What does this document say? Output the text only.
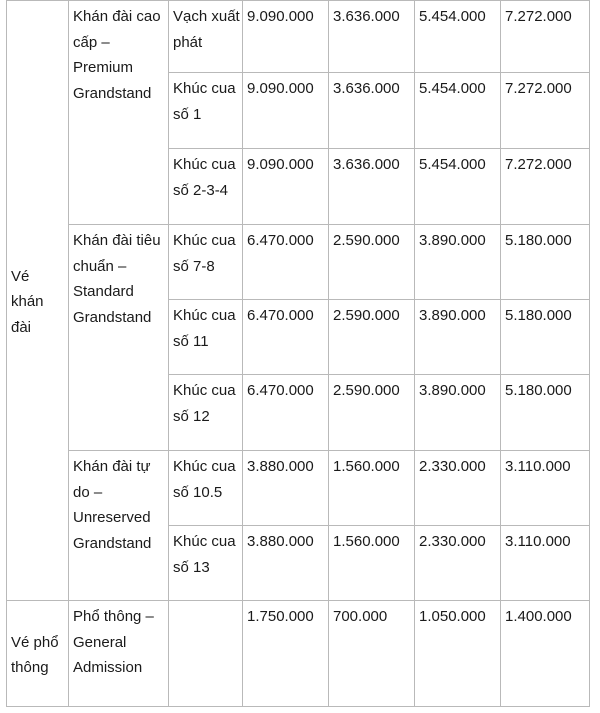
Vé khán đài	Khán đài cao cấp – Premium Grandstand	Vạch xuất phát	9.090.000	3.636.000	5.454.000	7.272.000
		Khúc cua số 1	9.090.000	3.636.000	5.454.000	7.272.000
		Khúc cua số 2-3-4	9.090.000	3.636.000	5.454.000	7.272.000
	Khán đài tiêu chuẩn – Standard Grandstand	Khúc cua số 7-8	6.470.000	2.590.000	3.890.000	5.180.000
		Khúc cua số 11	6.470.000	2.590.000	3.890.000	5.180.000
		Khúc cua số 12	6.470.000	2.590.000	3.890.000	5.180.000
	Khán đài tự do – Unreserved Grandstand	Khúc cua số 10.5	3.880.000	1.560.000	2.330.000	3.110.000
		Khúc cua số 13	3.880.000	1.560.000	2.330.000	3.110.000
Vé phổ thông	Phổ thông – General Admission		1.750.000	700.000	1.050.000	1.400.000
